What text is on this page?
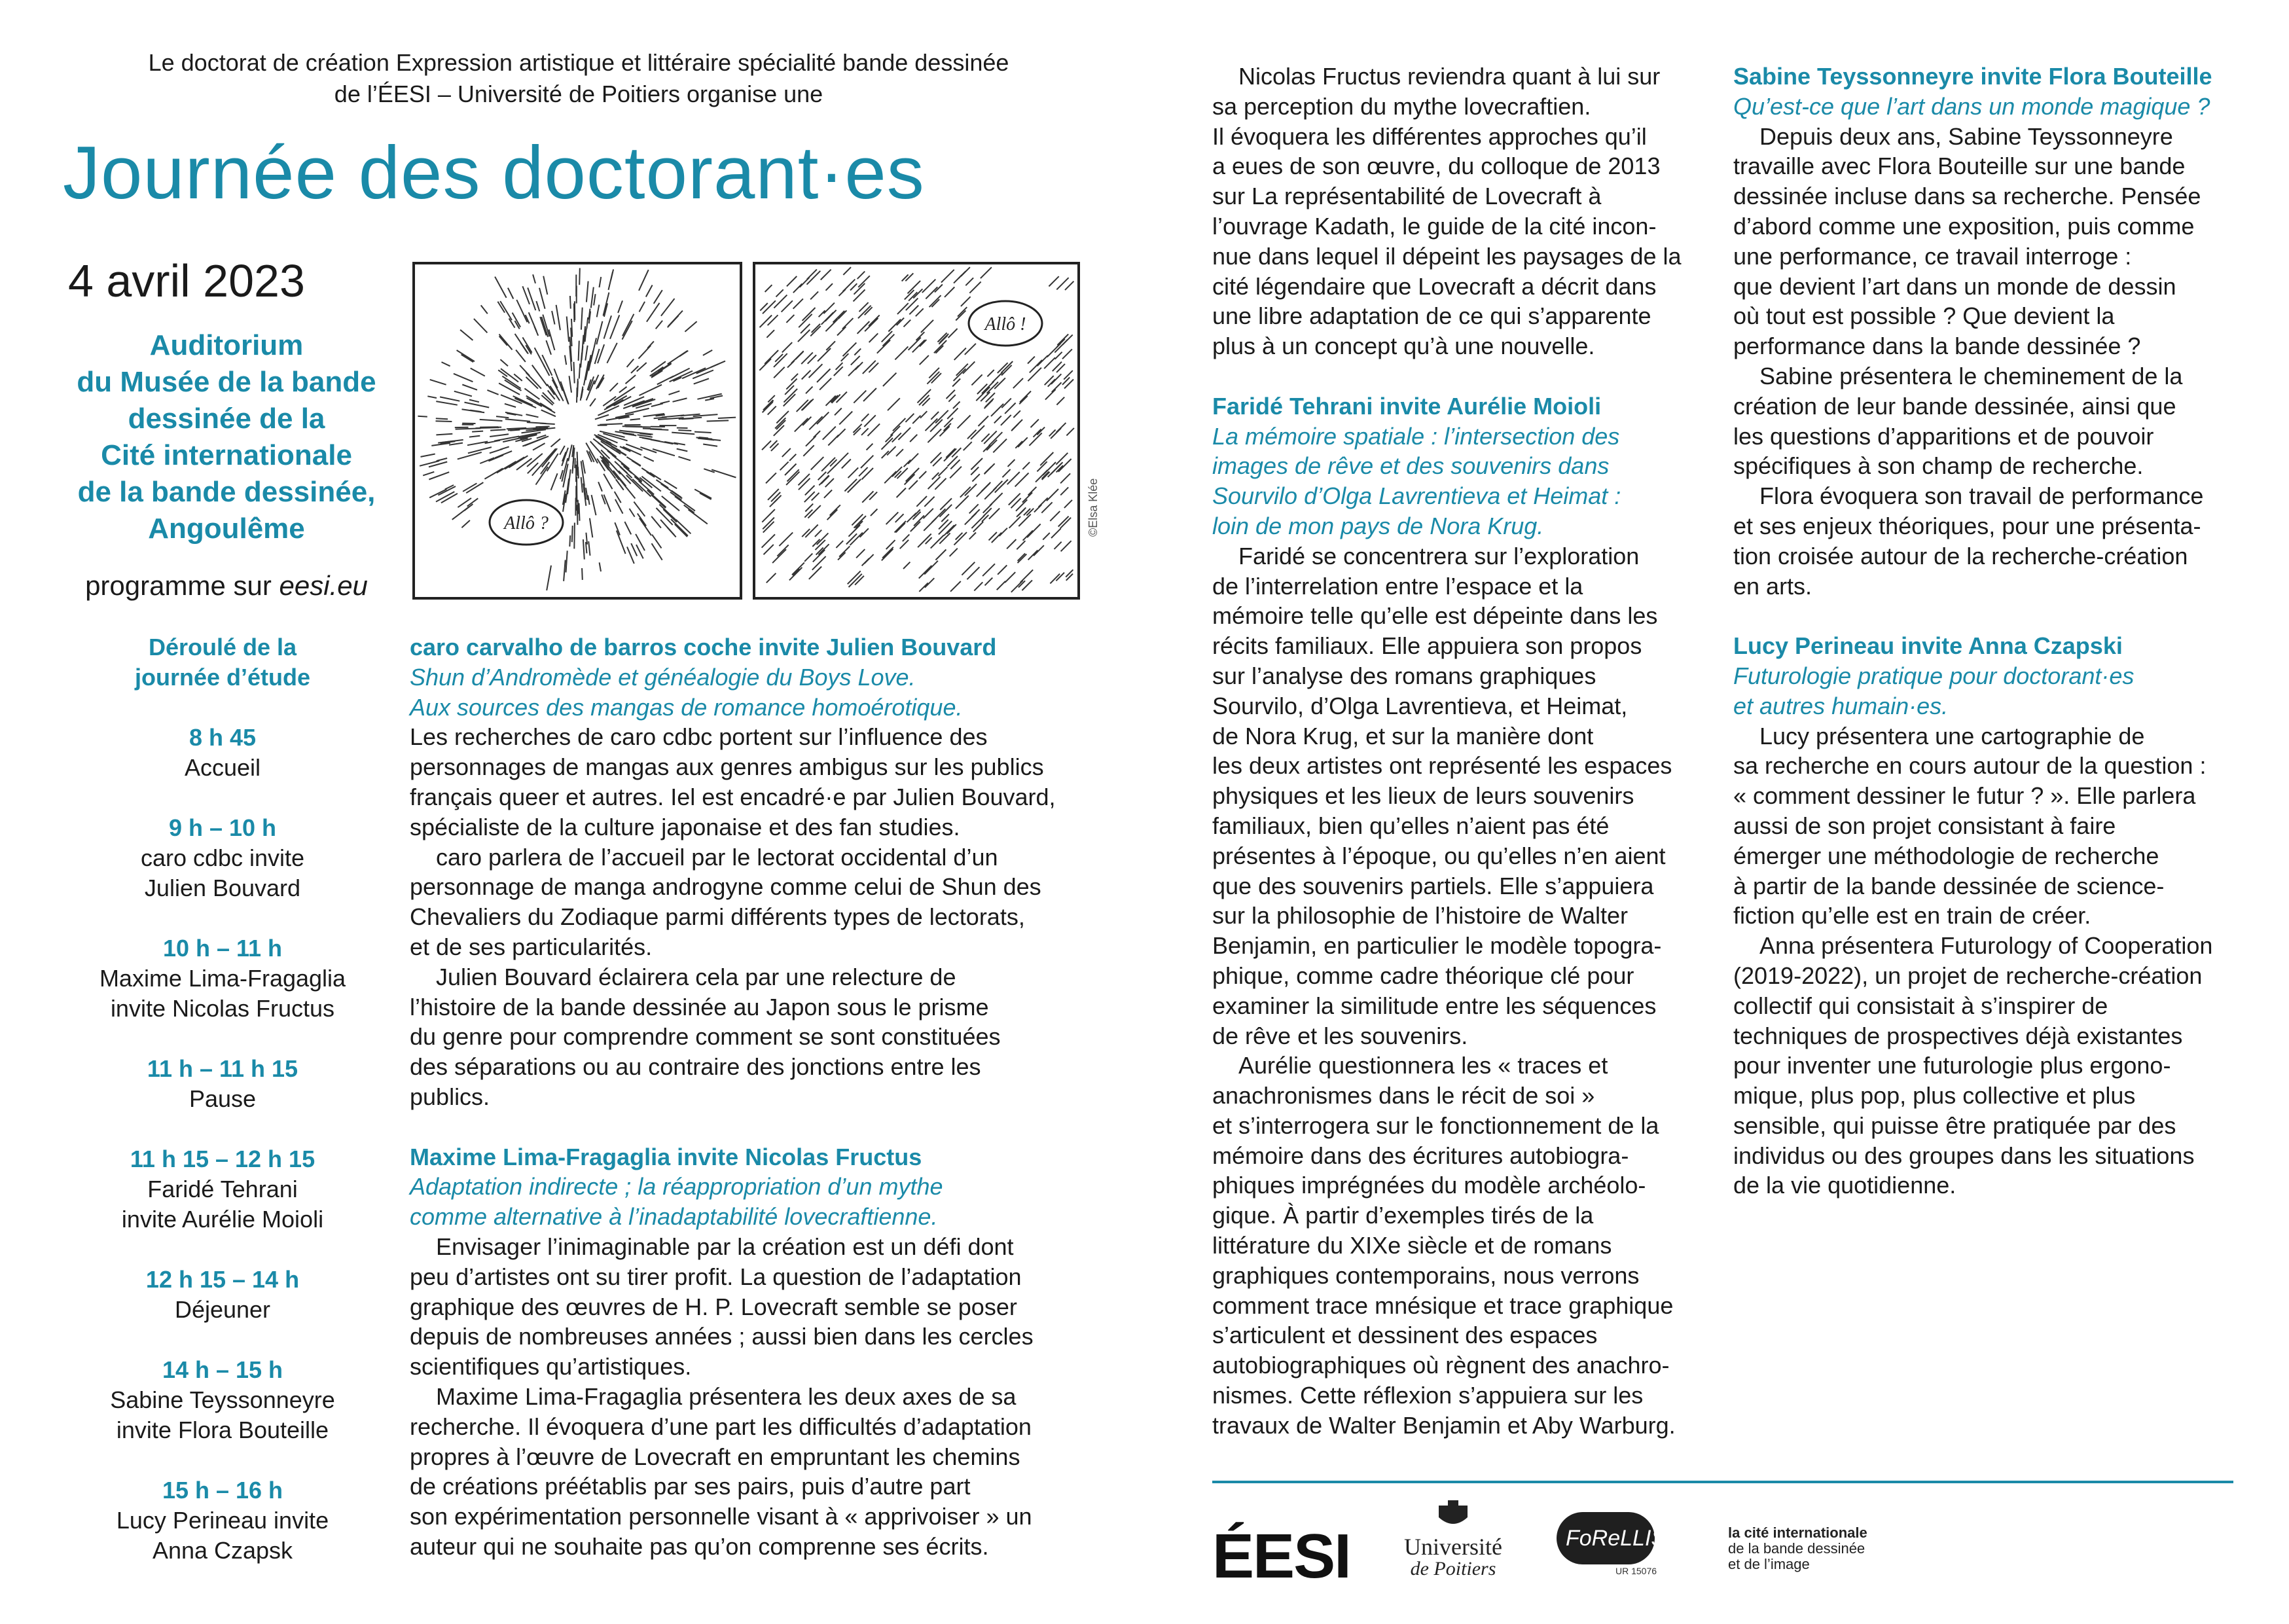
Le doctorat de création Expression artistique et littéraire spécialité bande dessinée
de l’ÉESI – Université de Poitiers organise une
Journée des doctorant·es
4 avril 2023
Auditorium
du Musée de la bande
dessinée de la
Cité internationale
de la bande dessinée,
Angoulême
programme sur eesi.eu
Allô ?
Allô !
©Elsa Klée
Déroulé de la
journée d’étude
8 h 45
Accueil
9 h – 10 h
caro cdbc invite
Julien Bouvard
10 h – 11 h
Maxime Lima-Fragaglia
invite Nicolas Fructus
11 h – 11 h 15
Pause
11 h 15 – 12 h 15
Faridé Tehrani
invite Aurélie Moioli
12 h 15 – 14 h
Déjeuner
14 h – 15 h
Sabine Teyssonneyre
invite Flora Bouteille
15 h – 16 h
Lucy Perineau invite
Anna Czapsk

caro carvalho de barros coche invite Julien Bouvard

Shun d’Andromède et généalogie du Boys Love.

Aux sources des mangas de romance homoérotique.

Les recherches de caro cdbc portent sur l’influence des

personnages de mangas aux genres ambigus sur les publics

français queer et autres. Iel est encadré·e par Julien Bouvard,

spécialiste de la culture japonaise et des fan studies.

caro parlera de l’accueil par le lectorat occidental d’un

personnage de manga androgyne comme celui de Shun des

Chevaliers du Zodiaque parmi différents types de lectorats,

et de ses particularités.

Julien Bouvard éclairera cela par une relecture de

l’histoire de la bande dessinée au Japon sous le prisme

du genre pour comprendre comment se sont constituées

des séparations ou au contraire des jonctions entre les

publics.

Maxime Lima-Fragaglia invite Nicolas Fructus

Adaptation indirecte ; la réappropriation d’un mythe

comme alternative à l’inadaptabilité lovecraftienne.

Envisager l’inimaginable par la création est un défi dont

peu d’artistes ont su tirer profit. La question de l’adaptation

graphique des œuvres de H. P. Lovecraft semble se poser

depuis de nombreuses années ; aussi bien dans les cercles

scientifiques qu’artistiques.

Maxime Lima-Fragaglia présentera les deux axes de sa

recherche. Il évoquera d’une part les difficultés d’adaptation

propres à l’œuvre de Lovecraft en empruntant les chemins

de créations préétablis par ses pairs, puis d’autre part

son expérimentation personnelle visant à « apprivoiser » un

auteur qui ne souhaite pas qu’on comprenne ses écrits.

Nicolas Fructus reviendra quant à lui sur

sa perception du mythe lovecraftien.

Il évoquera les différentes approches qu’il

a eues de son œuvre, du colloque de 2013

sur La représentabilité de Lovecraft à

l’ouvrage Kadath, le guide de la cité incon-

nue dans lequel il dépeint les paysages de la

cité légendaire que Lovecraft a décrit dans

une libre adaptation de ce qui s’apparente

plus à un concept qu’à une nouvelle.

Faridé Tehrani invite Aurélie Moioli

La mémoire spatiale : l’intersection des

images de rêve et des souvenirs dans

Sourvilo d’Olga Lavrentieva et Heimat :

loin de mon pays de Nora Krug.

Faridé se concentrera sur l’exploration

de l’interrelation entre l’espace et la

mémoire telle qu’elle est dépeinte dans les

récits familiaux. Elle appuiera son propos

sur l’analyse des romans graphiques

Sourvilo, d’Olga Lavrentieva, et Heimat,

de Nora Krug, et sur la manière dont

les deux artistes ont représenté les espaces

physiques et les lieux de leurs souvenirs

familiaux, bien qu’elles n’aient pas été

présentes à l’époque, ou qu’elles n’en aient

que des souvenirs partiels. Elle s’appuiera

sur la philosophie de l’histoire de Walter

Benjamin, en particulier le modèle topogra-

phique, comme cadre théorique clé pour

examiner la similitude entre les séquences

de rêve et les souvenirs.

Aurélie questionnera les « traces et

anachronismes dans le récit de soi »

et s’interrogera sur le fonctionnement de la

mémoire dans des écritures autobiogra-

phiques imprégnées du modèle archéolo-

gique. À partir d’exemples tirés de la

littérature du XIXe siècle et de romans

graphiques contemporains, nous verrons

comment trace mnésique et trace graphique

s’articulent et dessinent des espaces

autobiographiques où règnent des anachro-

nismes. Cette réflexion s’appuiera sur les

travaux de Walter Benjamin et Aby Warburg.

Sabine Teyssonneyre invite Flora Bouteille

Qu’est-ce que l’art dans un monde magique ?

Depuis deux ans, Sabine Teyssonneyre

travaille avec Flora Bouteille sur une bande

dessinée incluse dans sa recherche. Pensée

d’abord comme une exposition, puis comme

une performance, ce travail interroge :

que devient l’art dans un monde de dessin

où tout est possible ? Que devient la

performance dans la bande dessinée ?

Sabine présentera le cheminement de la

création de leur bande dessinée, ainsi que

les questions d’apparitions et de pouvoir

spécifiques à son champ de recherche.

Flora évoquera son travail de performance

et ses enjeux théoriques, pour une présenta-

tion croisée autour de la recherche-création

en arts.

Lucy Perineau invite Anna Czapski

Futurologie pratique pour doctorant·es

et autres humain·es.

Lucy présentera une cartographie de

sa recherche en cours autour de la question :

« comment dessiner le futur ? ». Elle parlera

aussi de son projet consistant à faire

émerger une méthodologie de recherche

à partir de la bande dessinée de science-

fiction qu’elle est en train de créer.

Anna présentera Futurology of Cooperation

(2019-2022), un projet de recherche-création

collectif qui consistait à s’inspirer de

techniques de prospectives déjà existantes

pour inventer une futurologie plus ergono-

mique, plus pop, plus collective et plus

sensible, qui puisse être pratiquée par des

individus ou des groupes dans les situations

de la vie quotidienne.

ÉESI	Université
de Poitiers
FoReLLIS
UR 15076
la cité internationale
de la bande dessinée
et de l’image
